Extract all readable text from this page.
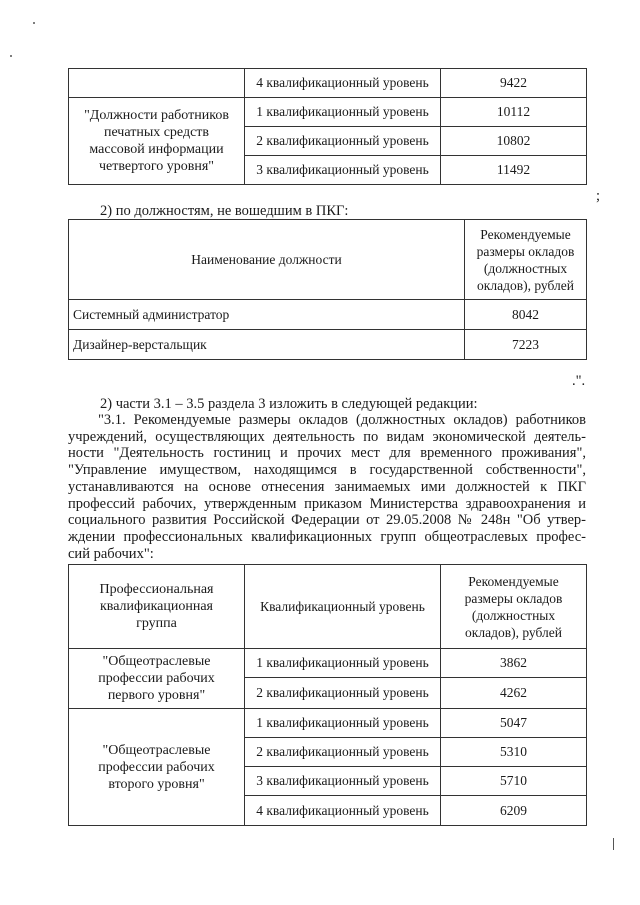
	4 квалификационный уровень	9422
"Должности работников печатных средств массовой информации четвертого уровня"	1 квалификационный уровень	10112
	2 квалификационный уровень	10802
	3 квалификационный уровень	11492
;
2) по должностям, не вошедшим в ПКГ:
Наименование должности	Рекомендуемые размеры окладов (должностных окладов), рублей
Системный администратор	8042
Дизайнер-верстальщик	7223
.".
2) части 3.1 – 3.5 раздела 3 изложить в следующей редакции:
"3.1. Рекомендуемые размеры окладов (должностных окладов) работников
учреждений, осуществляющих деятельность по видам экономической деятель-
ности "Деятельность гостиниц и прочих мест для временного проживания",
"Управление имуществом, находящимся в государственной собственности",
устанавливаются на основе отнесения занимаемых ими должностей к ПКГ
профессий рабочих, утвержденным приказом Министерства здравоохранения и
социального развития Российской Федерации от 29.05.2008 № 248н "Об утвер-
ждении профессиональных квалификационных групп общеотраслевых профес-
сий рабочих":
Профессиональная квалификационная группа	Квалификационный уровень	Рекомендуемые размеры окладов (должностных окладов), рублей
"Общеотраслевые профессии рабочих первого уровня"	1 квалификационный уровень	3862
	2 квалификационный уровень	4262
"Общеотраслевые профессии рабочих второго уровня"	1 квалификационный уровень	5047
	2 квалификационный уровень	5310
	3 квалификационный уровень	5710
	4 квалификационный уровень	6209
